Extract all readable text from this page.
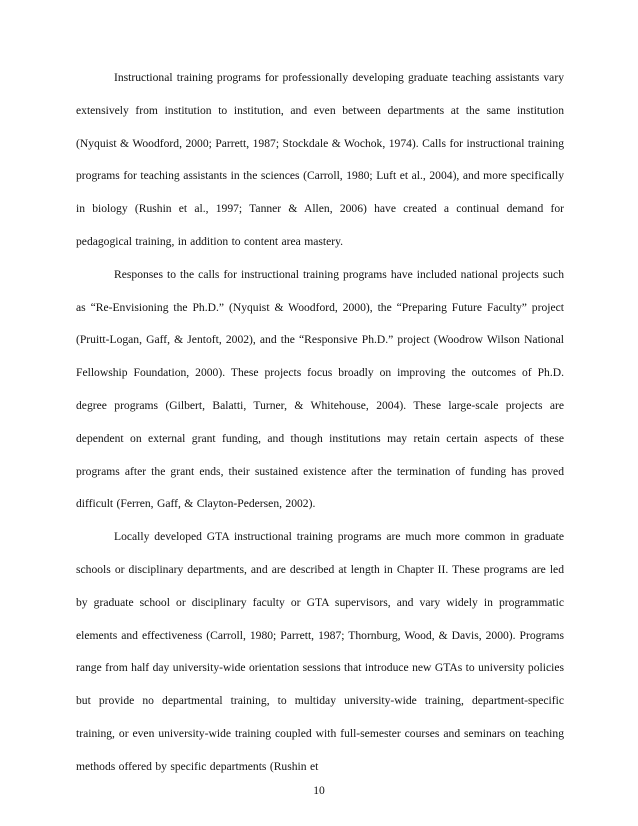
Instructional training programs for professionally developing graduate teaching assistants vary extensively from institution to institution, and even between departments at the same institution (Nyquist & Woodford, 2000; Parrett, 1987; Stockdale & Wochok, 1974). Calls for instructional training programs for teaching assistants in the sciences (Carroll, 1980; Luft et al., 2004), and more specifically in biology (Rushin et al., 1997; Tanner & Allen, 2006) have created a continual demand for pedagogical training, in addition to content area mastery.

Responses to the calls for instructional training programs have included national projects such as “Re-Envisioning the Ph.D.” (Nyquist & Woodford, 2000), the “Preparing Future Faculty” project (Pruitt-Logan, Gaff, & Jentoft, 2002), and the “Responsive Ph.D.” project (Woodrow Wilson National Fellowship Foundation, 2000). These projects focus broadly on improving the outcomes of Ph.D. degree programs (Gilbert, Balatti, Turner, & Whitehouse, 2004). These large-scale projects are dependent on external grant funding, and though institutions may retain certain aspects of these programs after the grant ends, their sustained existence after the termination of funding has proved difficult (Ferren, Gaff, & Clayton-Pedersen, 2002).

Locally developed GTA instructional training programs are much more common in graduate schools or disciplinary departments, and are described at length in Chapter II. These programs are led by graduate school or disciplinary faculty or GTA supervisors, and vary widely in programmatic elements and effectiveness (Carroll, 1980; Parrett, 1987; Thornburg, Wood, & Davis, 2000). Programs range from half day university-wide orientation sessions that introduce new GTAs to university policies but provide no departmental training, to multiday university-wide training, department-specific training, or even university-wide training coupled with full-semester courses and seminars on teaching methods offered by specific departments (Rushin et

10
